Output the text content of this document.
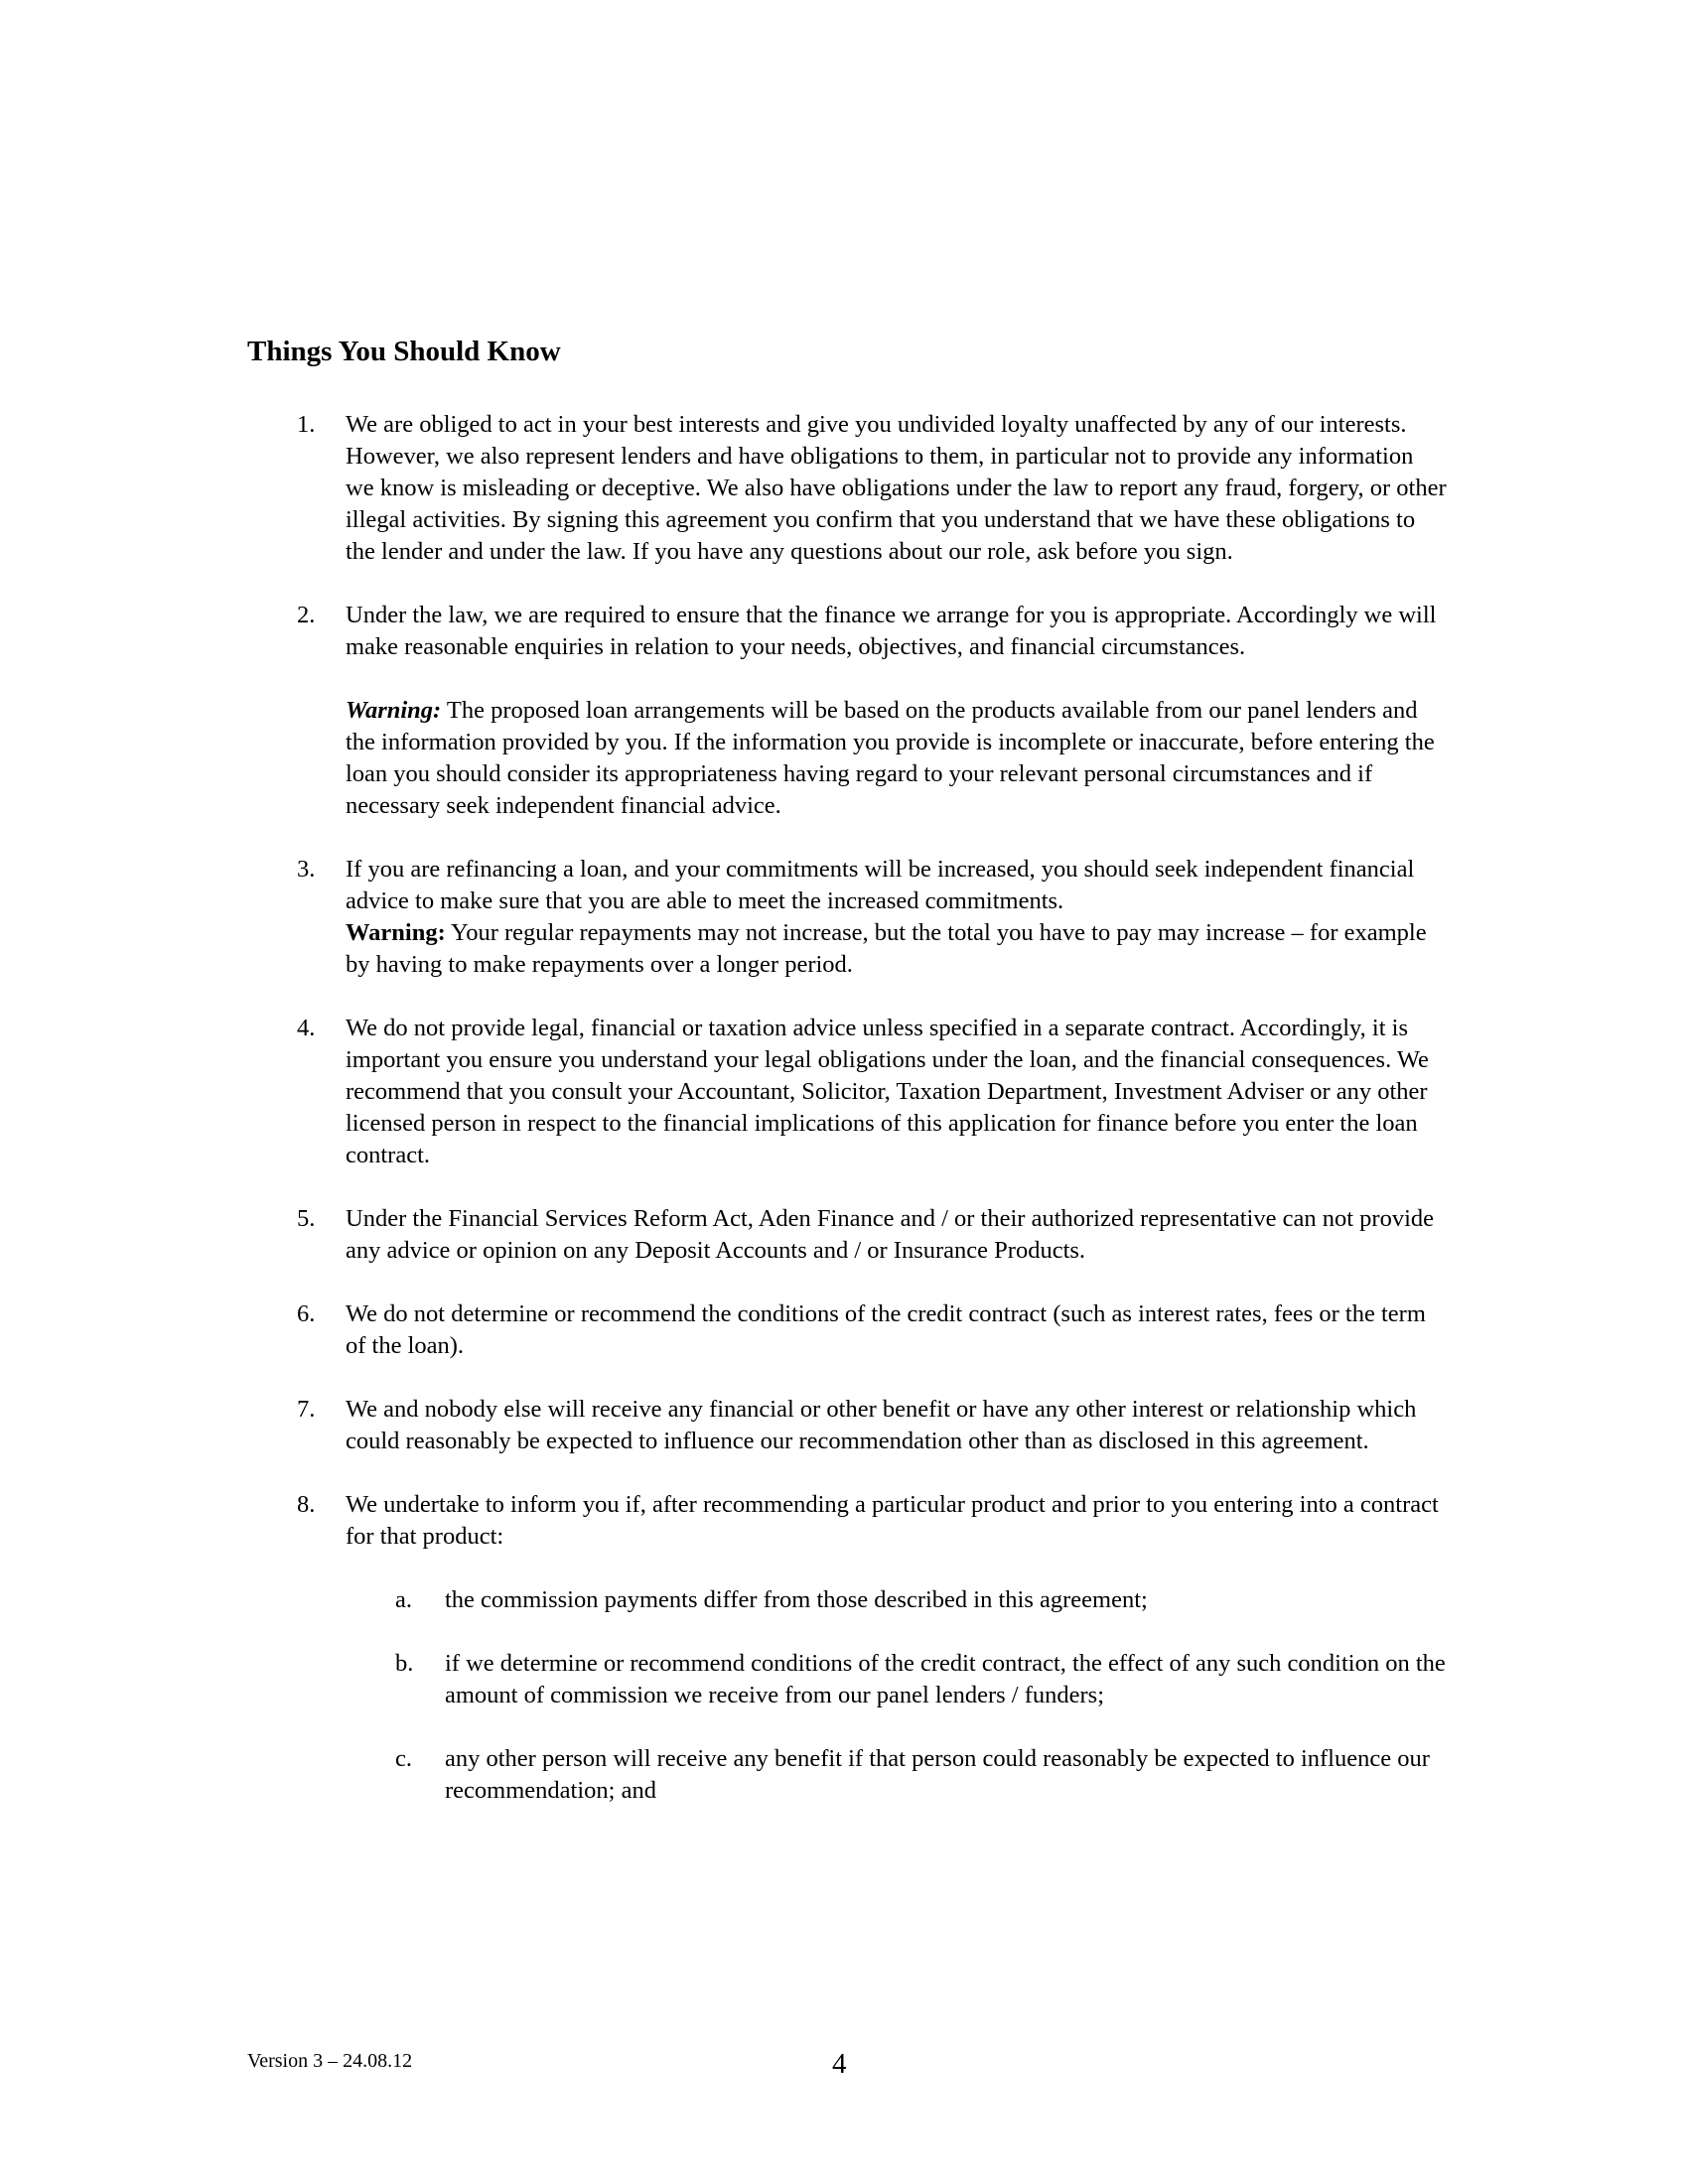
Things You Should Know
1. We are obliged to act in your best interests and give you undivided loyalty unaffected by any of our interests. However, we also represent lenders and have obligations to them, in particular not to provide any information we know is misleading or deceptive. We also have obligations under the law to report any fraud, forgery, or other illegal activities. By signing this agreement you confirm that you understand that we have these obligations to the lender and under the law. If you have any questions about our role, ask before you sign.

2. Under the law, we are required to ensure that the finance we arrange for you is appropriate. Accordingly we will make reasonable enquiries in relation to your needs, objectives, and financial circumstances.

Warning: The proposed loan arrangements will be based on the products available from our panel lenders and the information provided by you. If the information you provide is incomplete or inaccurate, before entering the loan you should consider its appropriateness having regard to your relevant personal circumstances and if necessary seek independent financial advice.

3. If you are refinancing a loan, and your commitments will be increased, you should seek independent financial advice to make sure that you are able to meet the increased commitments.
Warning: Your regular repayments may not increase, but the total you have to pay may increase – for example by having to make repayments over a longer period.

4. We do not provide legal, financial or taxation advice unless specified in a separate contract. Accordingly, it is important you ensure you understand your legal obligations under the loan, and the financial consequences. We recommend that you consult your Accountant, Solicitor, Taxation Department, Investment Adviser or any other licensed person in respect to the financial implications of this application for finance before you enter the loan contract.

5. Under the Financial Services Reform Act, Aden Finance and / or their authorized representative can not provide any advice or opinion on any Deposit Accounts and / or Insurance Products.

6. We do not determine or recommend the conditions of the credit contract (such as interest rates, fees or the term of the loan).

7. We and nobody else will receive any financial or other benefit or have any other interest or relationship which could reasonably be expected to influence our recommendation other than as disclosed in this agreement.

8. We undertake to inform you if, after recommending a particular product and prior to you entering into a contract for that product:

a. the commission payments differ from those described in this agreement;

b. if we determine or recommend conditions of the credit contract, the effect of any such condition on the amount of commission we receive from our panel lenders / funders;

c. any other person will receive any benefit if that person could reasonably be expected to influence our recommendation; and

Version 3 – 24.08.12	4
